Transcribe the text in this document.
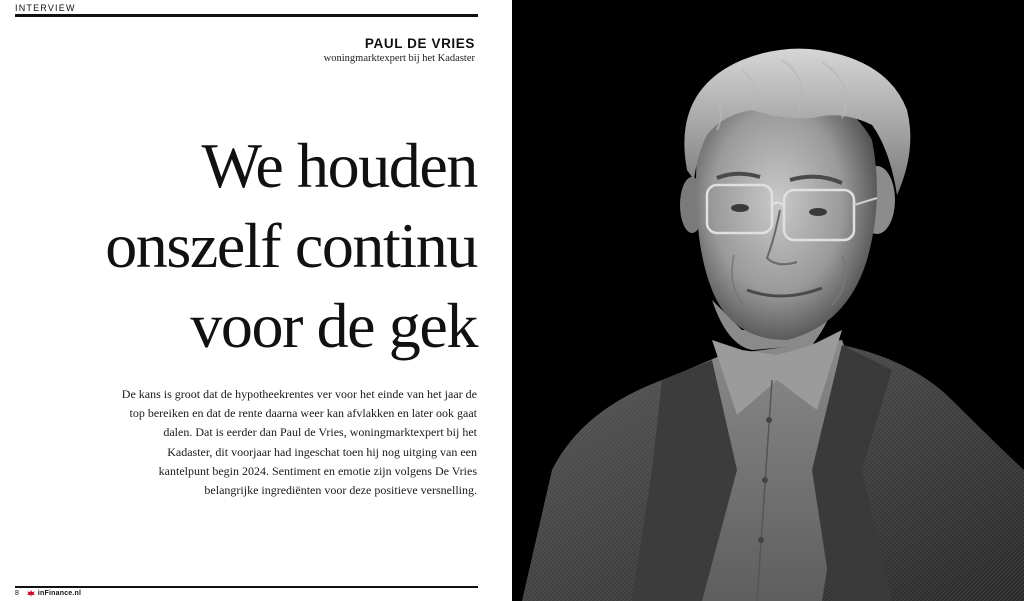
INTERVIEW
PAUL DE VRIES
woningmarktexpert bij het Kadaster
We houden
onszelf continu
voor de gek

De kans is groot dat de hypotheekrentes ver voor het einde van het jaar de top bereiken en dat de rente daarna weer kan afvlakken en later ook gaat dalen. Dat is eerder dan Paul de Vries, woningmarktexpert bij het Kadaster, dit voorjaar had ingeschat toen hij nog uitging van een kantelpunt begin 2024. Sentiment en emotie zijn volgens De Vries belangrijke ingrediënten voor deze positieve versnelling.

8	inFinance.nl
